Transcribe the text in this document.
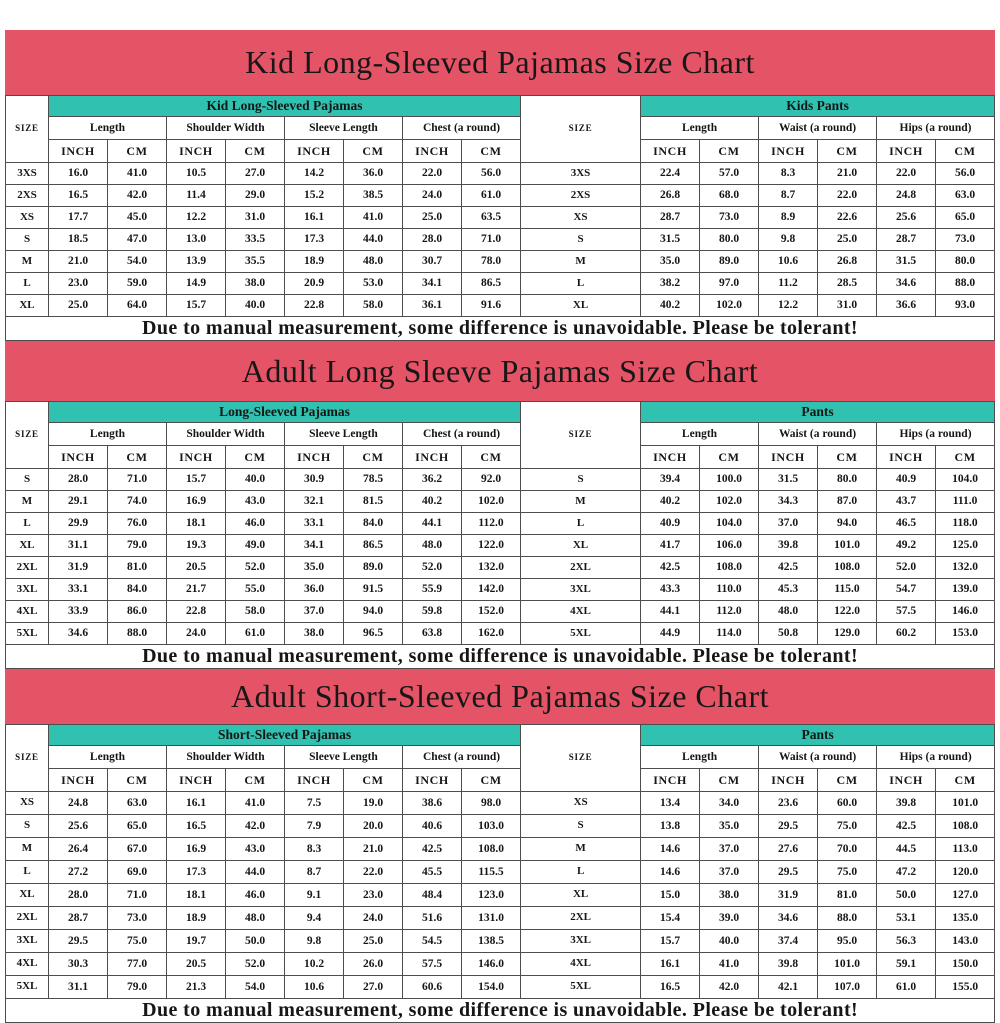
Kid Long-Sleeved Pajamas Size Chart
SIZE	Kid Long-Sleeved Pajamas								SIZE	Kids Pants					
	Length		Shoulder Width		Sleeve Length		Chest (a round)			Length		Waist (a round)		Hips (a round)	
	INCH	CM	INCH	CM	INCH	CM	INCH	CM		INCH	CM	INCH	CM	INCH	CM
3XS	16.0	41.0	10.5	27.0	14.2	36.0	22.0	56.0	3XS	22.4	57.0	8.3	21.0	22.0	56.0
2XS	16.5	42.0	11.4	29.0	15.2	38.5	24.0	61.0	2XS	26.8	68.0	8.7	22.0	24.8	63.0
XS	17.7	45.0	12.2	31.0	16.1	41.0	25.0	63.5	XS	28.7	73.0	8.9	22.6	25.6	65.0
S	18.5	47.0	13.0	33.5	17.3	44.0	28.0	71.0	S	31.5	80.0	9.8	25.0	28.7	73.0
M	21.0	54.0	13.9	35.5	18.9	48.0	30.7	78.0	M	35.0	89.0	10.6	26.8	31.5	80.0
L	23.0	59.0	14.9	38.0	20.9	53.0	34.1	86.5	L	38.2	97.0	11.2	28.5	34.6	88.0
XL	25.0	64.0	15.7	40.0	22.8	58.0	36.1	91.6	XL	40.2	102.0	12.2	31.0	36.6	93.0
Due to manual measurement, some difference is unavoidable. Please be tolerant!															
Adult Long Sleeve Pajamas Size Chart
SIZE	Long-Sleeved Pajamas								SIZE	Pants					
	Length		Shoulder Width		Sleeve Length		Chest (a round)			Length		Waist (a round)		Hips (a round)	
	INCH	CM	INCH	CM	INCH	CM	INCH	CM		INCH	CM	INCH	CM	INCH	CM
S	28.0	71.0	15.7	40.0	30.9	78.5	36.2	92.0	S	39.4	100.0	31.5	80.0	40.9	104.0
M	29.1	74.0	16.9	43.0	32.1	81.5	40.2	102.0	M	40.2	102.0	34.3	87.0	43.7	111.0
L	29.9	76.0	18.1	46.0	33.1	84.0	44.1	112.0	L	40.9	104.0	37.0	94.0	46.5	118.0
XL	31.1	79.0	19.3	49.0	34.1	86.5	48.0	122.0	XL	41.7	106.0	39.8	101.0	49.2	125.0
2XL	31.9	81.0	20.5	52.0	35.0	89.0	52.0	132.0	2XL	42.5	108.0	42.5	108.0	52.0	132.0
3XL	33.1	84.0	21.7	55.0	36.0	91.5	55.9	142.0	3XL	43.3	110.0	45.3	115.0	54.7	139.0
4XL	33.9	86.0	22.8	58.0	37.0	94.0	59.8	152.0	4XL	44.1	112.0	48.0	122.0	57.5	146.0
5XL	34.6	88.0	24.0	61.0	38.0	96.5	63.8	162.0	5XL	44.9	114.0	50.8	129.0	60.2	153.0
Due to manual measurement, some difference is unavoidable. Please be tolerant!															
Adult Short-Sleeved Pajamas Size Chart
SIZE	Short-Sleeved Pajamas								SIZE	Pants					
	Length		Shoulder Width		Sleeve Length		Chest (a round)			Length		Waist (a round)		Hips (a round)	
	INCH	CM	INCH	CM	INCH	CM	INCH	CM		INCH	CM	INCH	CM	INCH	CM
XS	24.8	63.0	16.1	41.0	7.5	19.0	38.6	98.0	XS	13.4	34.0	23.6	60.0	39.8	101.0
S	25.6	65.0	16.5	42.0	7.9	20.0	40.6	103.0	S	13.8	35.0	29.5	75.0	42.5	108.0
M	26.4	67.0	16.9	43.0	8.3	21.0	42.5	108.0	M	14.6	37.0	27.6	70.0	44.5	113.0
L	27.2	69.0	17.3	44.0	8.7	22.0	45.5	115.5	L	14.6	37.0	29.5	75.0	47.2	120.0
XL	28.0	71.0	18.1	46.0	9.1	23.0	48.4	123.0	XL	15.0	38.0	31.9	81.0	50.0	127.0
2XL	28.7	73.0	18.9	48.0	9.4	24.0	51.6	131.0	2XL	15.4	39.0	34.6	88.0	53.1	135.0
3XL	29.5	75.0	19.7	50.0	9.8	25.0	54.5	138.5	3XL	15.7	40.0	37.4	95.0	56.3	143.0
4XL	30.3	77.0	20.5	52.0	10.2	26.0	57.5	146.0	4XL	16.1	41.0	39.8	101.0	59.1	150.0
5XL	31.1	79.0	21.3	54.0	10.6	27.0	60.6	154.0	5XL	16.5	42.0	42.1	107.0	61.0	155.0
Due to manual measurement, some difference is unavoidable. Please be tolerant!															
